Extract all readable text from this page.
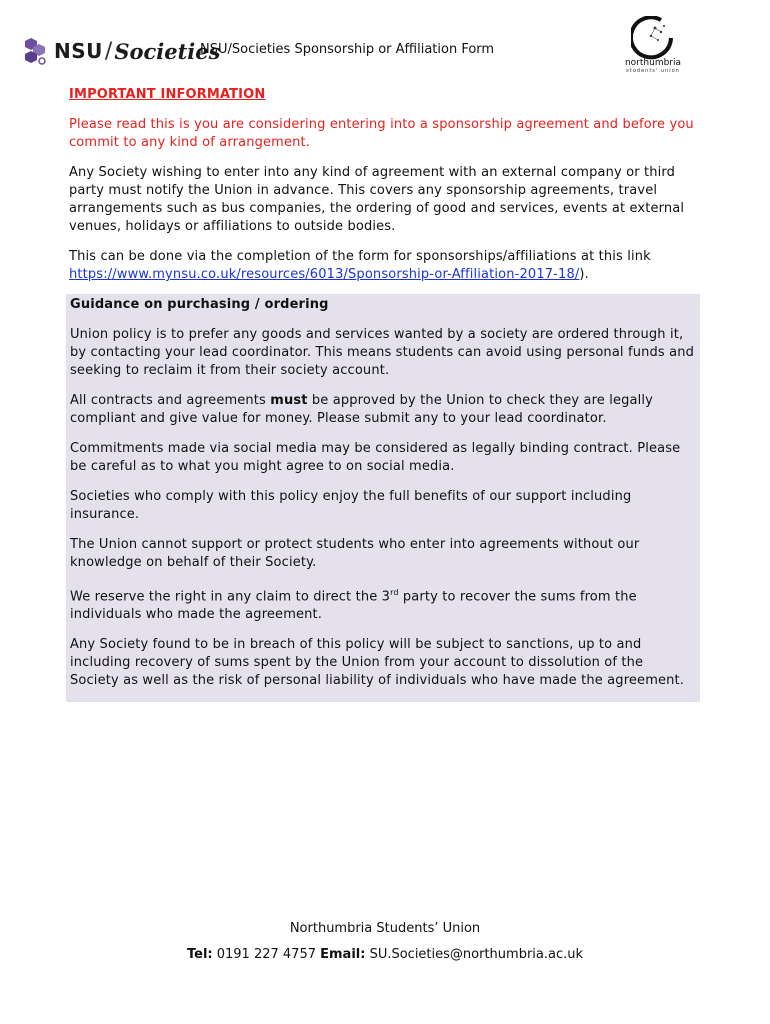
NSU / Societies
NSU/Societies Sponsorship or Affiliation Form
northumbria
students' union

IMPORTANT INFORMATION

Please read this is you are considering entering into a sponsorship agreement and before you commit to any kind of arrangement.

Any Society wishing to enter into any kind of agreement with an external company or third party must notify the Union in advance. This covers any sponsorship agreements, travel arrangements such as bus companies, the ordering of good and services, events at external venues, holidays or affiliations to outside bodies.

This can be done via the completion of the form for sponsorships/affiliations at this link https://www.mynsu.co.uk/resources/6013/Sponsorship-or-Affiliation-2017-18/).

Guidance on purchasing / ordering

Union policy is to prefer any goods and services wanted by a society are ordered through it, by contacting your lead coordinator. This means students can avoid using personal funds and seeking to reclaim it from their society account.

All contracts and agreements must be approved by the Union to check they are legally compliant and give value for money. Please submit any to your lead coordinator.

Commitments made via social media may be considered as legally binding contract. Please be careful as to what you might agree to on social media.

Societies who comply with this policy enjoy the full benefits of our support including insurance.

The Union cannot support or protect students who enter into agreements without our knowledge on behalf of their Society.

We reserve the right in any claim to direct the 3rd party to recover the sums from the individuals who made the agreement.

Any Society found to be in breach of this policy will be subject to sanctions, up to and including recovery of sums spent by the Union from your account to dissolution of the Society as well as the risk of personal liability of individuals who have made the agreement.

Northumbria Students’ Union
Tel: 0191 227 4757 Email: SU.Societies@northumbria.ac.uk
